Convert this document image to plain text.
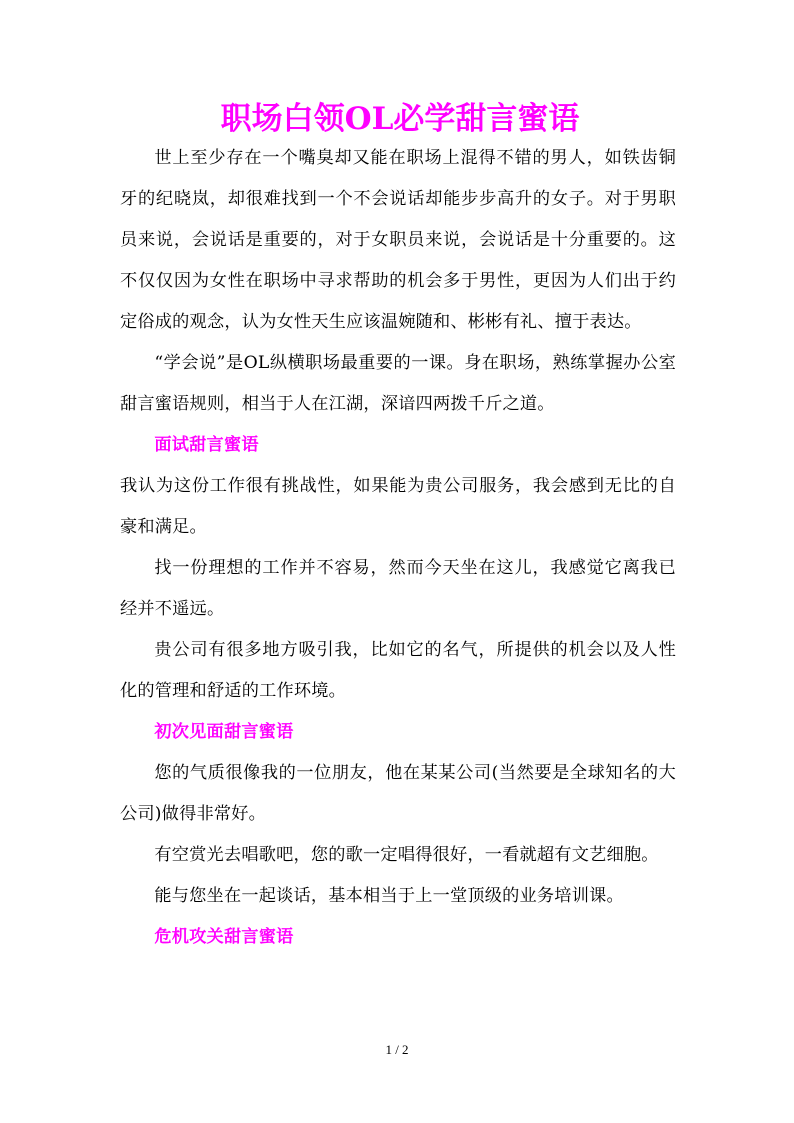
职场白领OL必学甜言蜜语

世上至少存在一个嘴臭却又能在职场上混得不错的男人，如铁齿铜牙的纪晓岚，却很难找到一个不会说话却能步步高升的女子。对于男职员来说，会说话是重要的，对于女职员来说，会说话是十分重要的。这不仅仅因为女性在职场中寻求帮助的机会多于男性，更因为人们出于约定俗成的观念，认为女性天生应该温婉随和、彬彬有礼、擅于表达。

“学会说”是OL纵横职场最重要的一课。身在职场，熟练掌握办公室甜言蜜语规则，相当于人在江湖，深谙四两拨千斤之道。

面试甜言蜜语

我认为这份工作很有挑战性，如果能为贵公司服务，我会感到无比的自豪和满足。

找一份理想的工作并不容易，然而今天坐在这儿，我感觉它离我已经并不遥远。

贵公司有很多地方吸引我，比如它的名气，所提供的机会以及人性化的管理和舒适的工作环境。

初次见面甜言蜜语

您的气质很像我的一位朋友，他在某某公司(当然要是全球知名的大公司)做得非常好。

有空赏光去唱歌吧，您的歌一定唱得很好，一看就超有文艺细胞。

能与您坐在一起谈话，基本相当于上一堂顶级的业务培训课。

危机攻关甜言蜜语

1 / 2
